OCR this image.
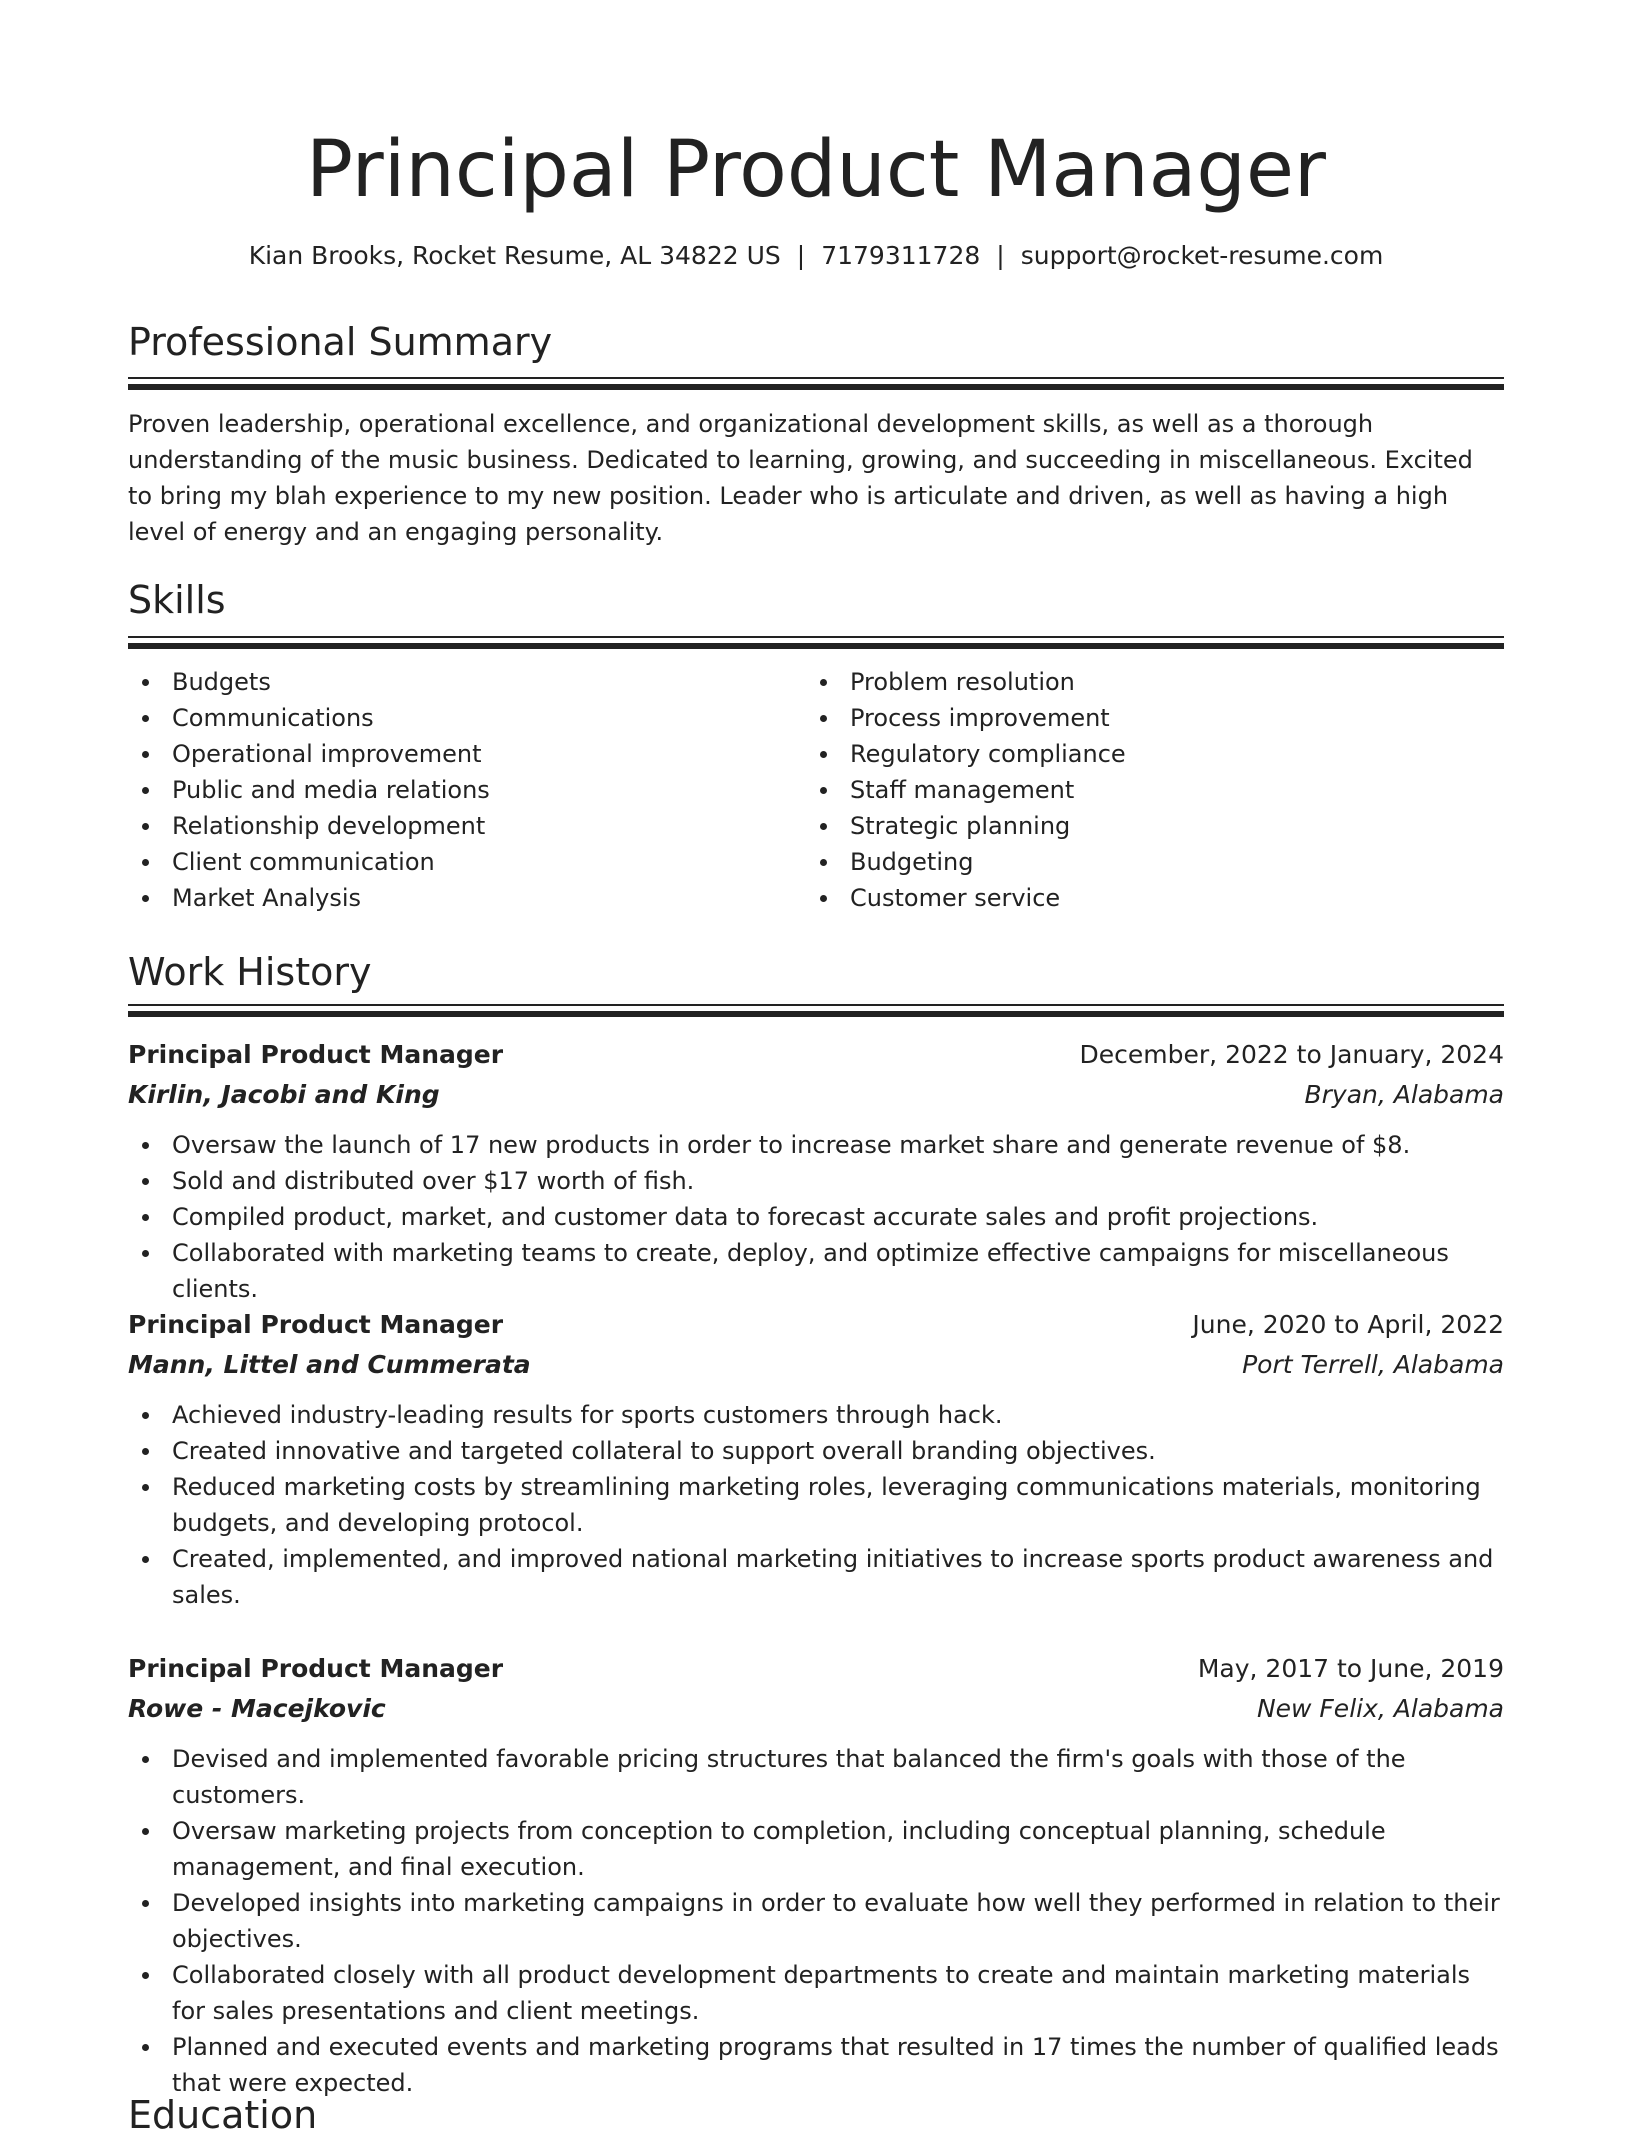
Principal Product Manager
Kian Brooks, Rocket Resume, AL 34822 US | 7179311728 | support@rocket-resume.com
Professional Summary

Proven leadership, operational excellence, and organizational development skills, as well as a thorough understanding of the music business. Dedicated to learning, growing, and succeeding in miscellaneous. Excited to bring my blah experience to my new position. Leader who is articulate and driven, as well as having a high level of energy and an engaging personality.

Skills
Budgets
Communications
Operational improvement
Public and media relations
Relationship development
Client communication
Market Analysis
Problem resolution
Process improvement
Regulatory compliance
Staff management
Strategic planning
Budgeting
Customer service
Work History
Principal Product Manager	December, 2022 to January, 2024
Kirlin, Jacobi and King	Bryan, Alabama
Oversaw the launch of 17 new products in order to increase market share and generate revenue of $8.
Sold and distributed over $17 worth of fish.
Compiled product, market, and customer data to forecast accurate sales and profit projections.
Collaborated with marketing teams to create, deploy, and optimize effective campaigns for miscellaneous clients.
Principal Product Manager	June, 2020 to April, 2022
Mann, Littel and Cummerata	Port Terrell, Alabama
Achieved industry-leading results for sports customers through hack.
Created innovative and targeted collateral to support overall branding objectives.
Reduced marketing costs by streamlining marketing roles, leveraging communications materials, monitoring budgets, and developing protocol.
Created, implemented, and improved national marketing initiatives to increase sports product awareness and sales.
Principal Product Manager	May, 2017 to June, 2019
Rowe - Macejkovic	New Felix, Alabama
Devised and implemented favorable pricing structures that balanced the firm's goals with those of the customers.
Oversaw marketing projects from conception to completion, including conceptual planning, schedule management, and final execution.
Developed insights into marketing campaigns in order to evaluate how well they performed in relation to their objectives.
Collaborated closely with all product development departments to create and maintain marketing materials for sales presentations and client meetings.
Planned and executed events and marketing programs that resulted in 17 times the number of qualified leads that were expected.
Education
